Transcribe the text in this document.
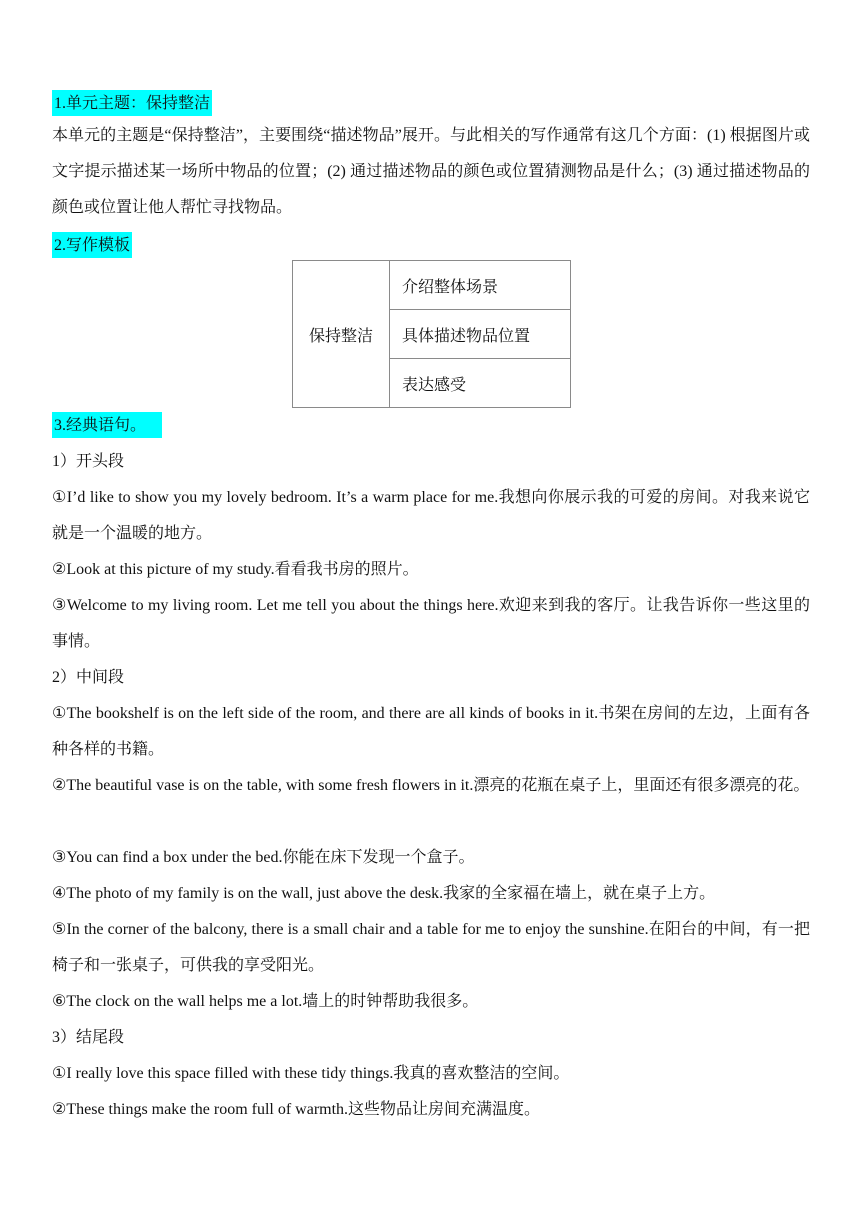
1.单元主题：保持整洁

本单元的主题是“保持整洁”，主要围绕“描述物品”展开。与此相关的写作通常有这几个方面：(1) 根据图片或文字提示描述某一场所中物品的位置；(2) 通过描述物品的颜色或位置猜测物品是什么；(3) 通过描述物品的颜色或位置让他人帮忙寻找物品。

2.写作模板
保持整洁	介绍整体场景
具体描述物品位置
表达感受
3.经典语句。
1）开头段

①I’d like to show you my lovely bedroom. It’s a warm place for me.我想向你展示我的可爱的房间。对我来说它就是一个温暖的地方。

②Look at this picture of my study.看看我书房的照片。

③Welcome to my living room. Let me tell you about the things here.欢迎来到我的客厅。让我告诉你一些这里的事情。

2）中间段

①The bookshelf is on the left side of the room, and there are all kinds of books in it.书架在房间的左边，上面有各种各样的书籍。

②The beautiful vase is on the table, with some fresh flowers in it.漂亮的花瓶在桌子上，里面还有很多漂亮的花。

③You can find a box under the bed.你能在床下发现一个盒子。

④The photo of my family is on the wall, just above the desk.我家的全家福在墙上，就在桌子上方。

⑤In the corner of the balcony, there is a small chair and a table for me to enjoy the sunshine.在阳台的中间，有一把椅子和一张桌子，可供我的享受阳光。

⑥The clock on the wall helps me a lot.墙上的时钟帮助我很多。

3）结尾段

①I really love this space filled with these tidy things.我真的喜欢整洁的空间。

②These things make the room full of warmth.这些物品让房间充满温度。
